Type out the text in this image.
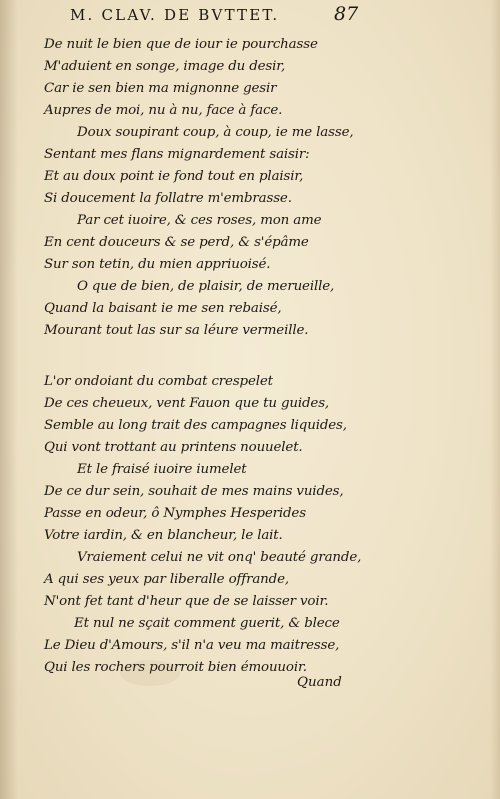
M. CLAV. DE BVTTET.	87
De nuit le bien que de iour ie pourchasse
M'aduient en songe, image du desir,
Car ie sen bien ma mignonne gesir
Aupres de moi, nu à nu, face à face.
Doux soupirant coup, à coup, ie me lasse,
Sentant mes flans mignardement saisir:
Et au doux point ie fond tout en plaisir,
Si doucement la follatre m'embrasse.
Par cet iuoire, & ces roses, mon ame
En cent douceurs & se perd, & s'épâme
Sur son tetin, du mien appriuoisé.
O que de bien, de plaisir, de merueille,
Quand la baisant ie me sen rebaisé,
Mourant tout las sur sa léure vermeille.
L'or ondoiant du combat crespelet
De ces cheueux, vent Fauon que tu guides,
Semble au long trait des campagnes liquides,
Qui vont trottant au printens nouuelet.
Et le fraisé iuoire iumelet
De ce dur sein, souhait de mes mains vuides,
Passe en odeur, ô Nymphes Hesperides
Votre iardin, & en blancheur, le lait.
Vraiement celui ne vit onq' beauté grande,
A qui ses yeux par liberalle offrande,
N'ont fet tant d'heur que de se laisser voir.
Et nul ne sçait comment guerit, & blece
Le Dieu d'Amours, s'il n'a veu ma maitresse,
Qui les rochers pourroit bien émouuoir.
Quand
